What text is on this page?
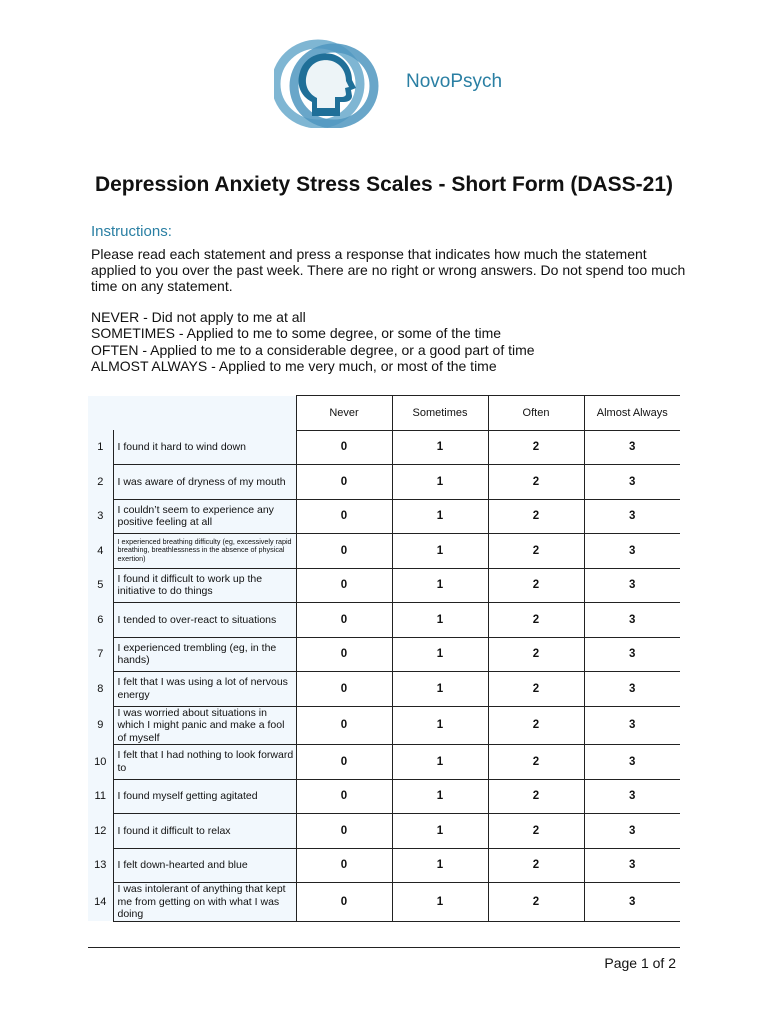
NovoPsych
Depression Anxiety Stress Scales - Short Form (DASS-21)
Instructions:
Please read each statement and press a response that indicates how much the statement applied to you over the past week. There are no right or wrong answers. Do not spend too much time on any statement.
NEVER - Did not apply to me at all
SOMETIMES - Applied to me to some degree, or some of the time
OFTEN - Applied to me to a considerable degree, or a good part of time
ALMOST ALWAYS - Applied to me very much, or most of the time
		Never	Sometimes	Often	Almost Always
1	I found it hard to wind down	0	1	2	3
2	I was aware of dryness of my mouth	0	1	2	3
3	I couldn’t seem to experience any positive feeling at all	0	1	2	3
4	I experienced breathing difficulty (eg, excessively rapid breathing, breathlessness in the absence of physical exertion)	0	1	2	3
5	I found it difficult to work up the initiative to do things	0	1	2	3
6	I tended to over-react to situations	0	1	2	3
7	I experienced trembling (eg, in the hands)	0	1	2	3
8	I felt that I was using a lot of nervous energy	0	1	2	3
9	I was worried about situations in which I might panic and make a fool of myself	0	1	2	3
10	I felt that I had nothing to look forward to	0	1	2	3
11	I found myself getting agitated	0	1	2	3
12	I found it difficult to relax	0	1	2	3
13	I felt down-hearted and blue	0	1	2	3
14	I was intolerant of anything that kept me from getting on with what I was doing	0	1	2	3
Page 1 of 2
